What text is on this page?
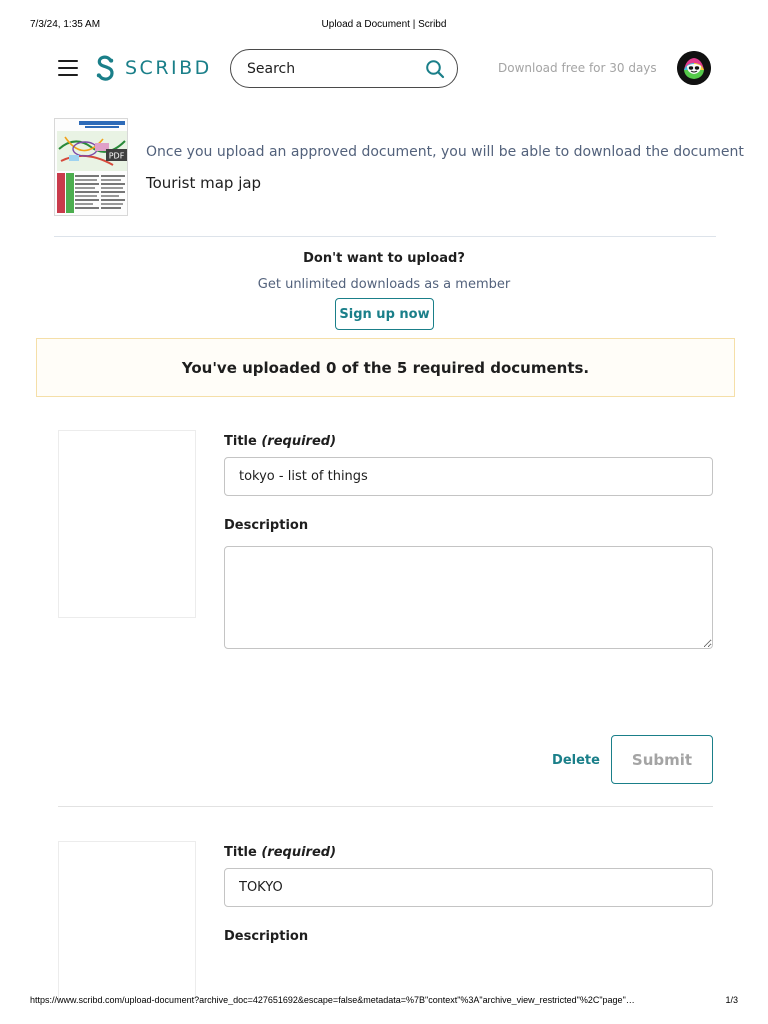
7/3/24, 1:35 AM	Upload a Document | Scribd
SCRIBD
Search	Download free for 30 days
PDF Once you upload an approved document, you will be able to download the document
Tourist map jap
Don't want to upload?
Get unlimited downloads as a member
Sign up now
You've uploaded 0 of the 5 required documents.
Title (required)
tokyo - list of things
Description
Delete	Submit
Title (required)
TOKYO
Description
https://www.scribd.com/upload-document?archive_doc=427651692&escape=false&metadata=%7B"context"%3A"archive_view_restricted"%2C"page"…	1/3
